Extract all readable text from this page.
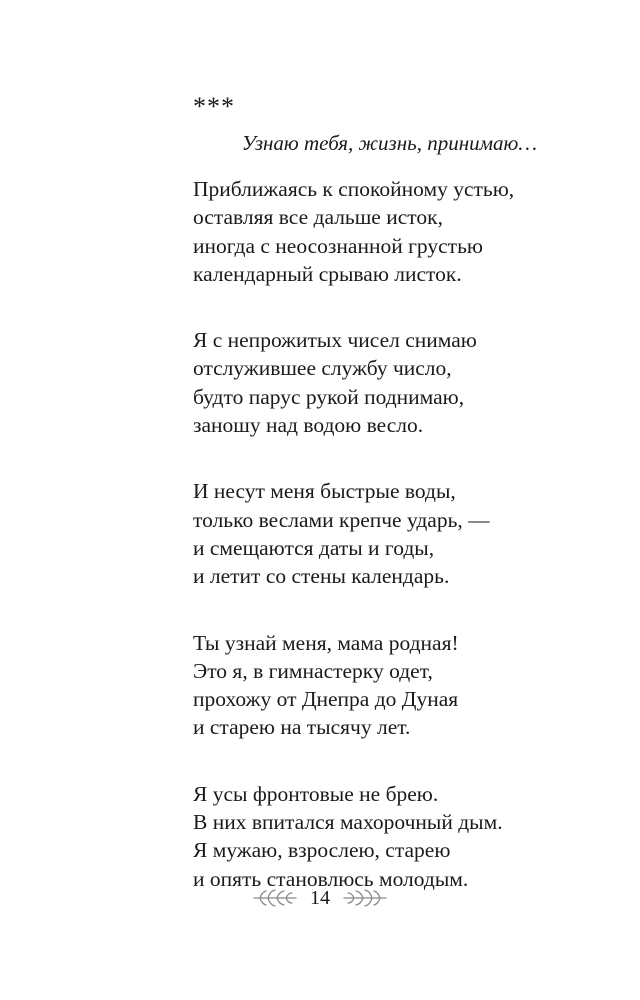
***
Узнаю тебя, жизнь, принимаю…
Приближаясь к спокойному устью,
оставляя все дальше исток,
иногда с неосознанной грустью
календарный срываю листок.
Я с непрожитых чисел снимаю
отслужившее службу число,
будто парус рукой поднимаю,
заношу над водою весло.
И несут меня быстрые воды,
только веслами крепче ударь, —
и смещаются даты и годы,
и летит со стены календарь.
Ты узнай меня, мама родная!
Это я, в гимнастерку одет,
прохожу от Днепра до Дуная
и старею на тысячу лет.
Я усы фронтовые не брею.
В них впитался махорочный дым.
Я мужаю, взрослею, старею
и опять становлюсь молодым.
14
